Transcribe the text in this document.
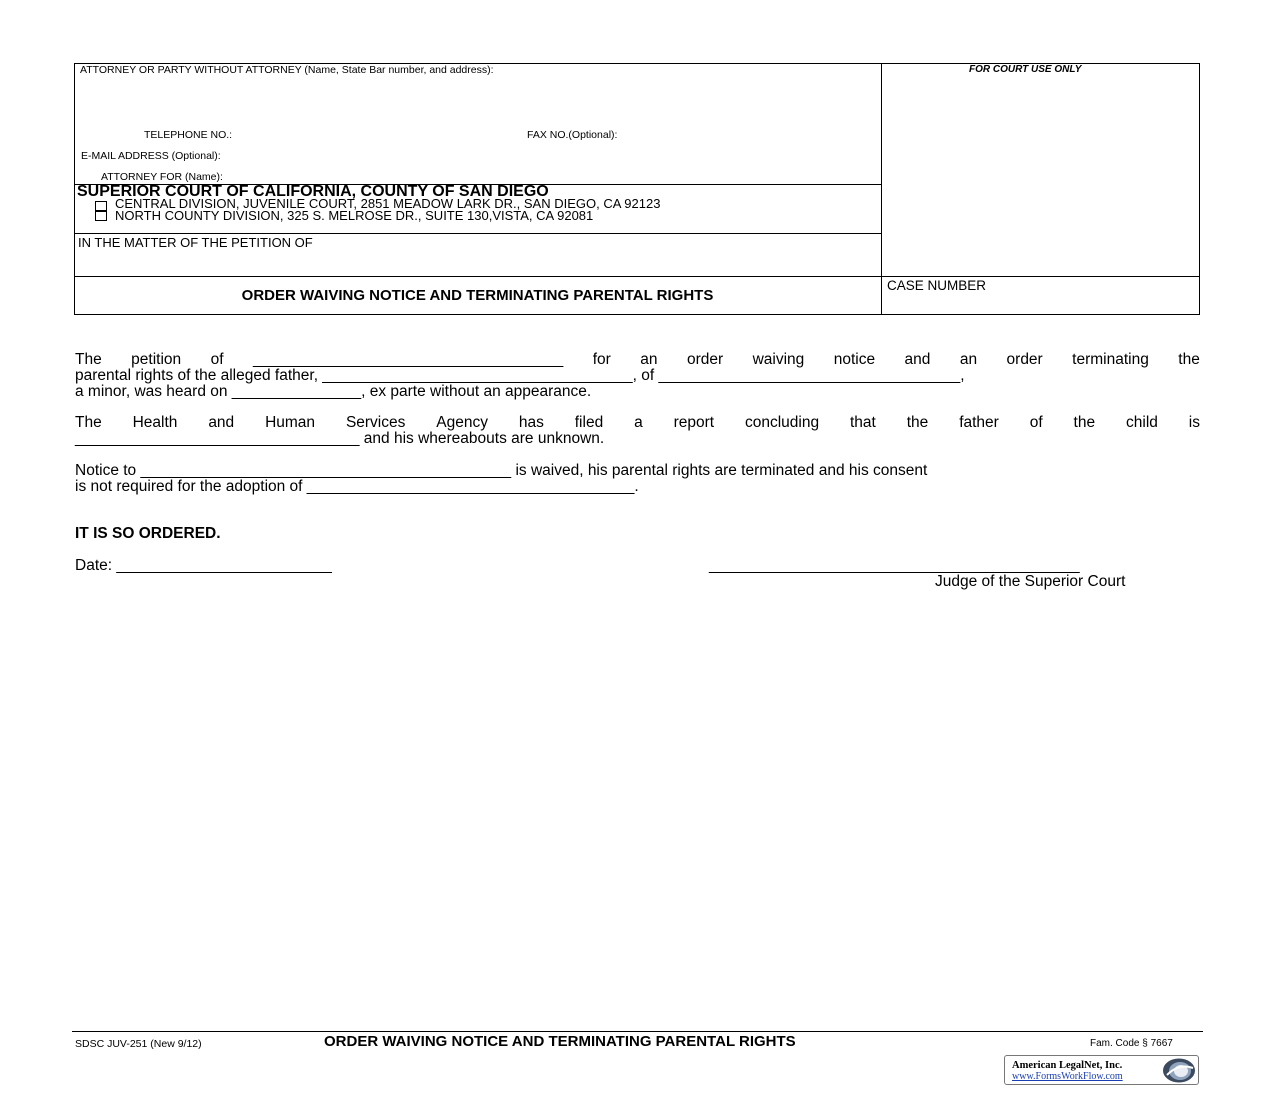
ATTORNEY OR PARTY WITHOUT ATTORNEY (Name, State Bar number, and address):	FOR COURT USE ONLY
TELEPHONE NO.:	FAX NO.(Optional):
E-MAIL ADDRESS (Optional):
ATTORNEY FOR (Name):
SUPERIOR COURT OF CALIFORNIA, COUNTY OF SAN DIEGO
CENTRAL DIVISION, JUVENILE COURT, 2851 MEADOW LARK DR., SAN DIEGO, CA 92123
NORTH COUNTY DIVISION, 325 S. MELROSE DR., SUITE 130,VISTA, CA 92081
IN THE MATTER OF THE PETITION OF
CASE NUMBER
ORDER WAIVING NOTICE AND TERMINATING PARENTAL RIGHTS
The petition of ____________________________________ for an order waiving notice and an order terminating the
parental rights of the alleged father, ____________________________________, of ___________________________________,
a minor, was heard on _______________, ex parte without an appearance.
The Health and Human Services Agency has filed a report concluding that the father of the child is
_________________________________ and his whereabouts are unknown.
Notice to ___________________________________________ is waived, his parental rights are terminated and his consent
is not required for the adoption of ______________________________________.
IT IS SO ORDERED.
Date: _________________________	___________________________________________
Judge of the Superior Court
SDSC JUV-251 (New 9/12)	ORDER WAIVING NOTICE AND TERMINATING PARENTAL RIGHTS	Fam. Code § 7667
American LegalNet, Inc.
www.FormsWorkFlow.com
